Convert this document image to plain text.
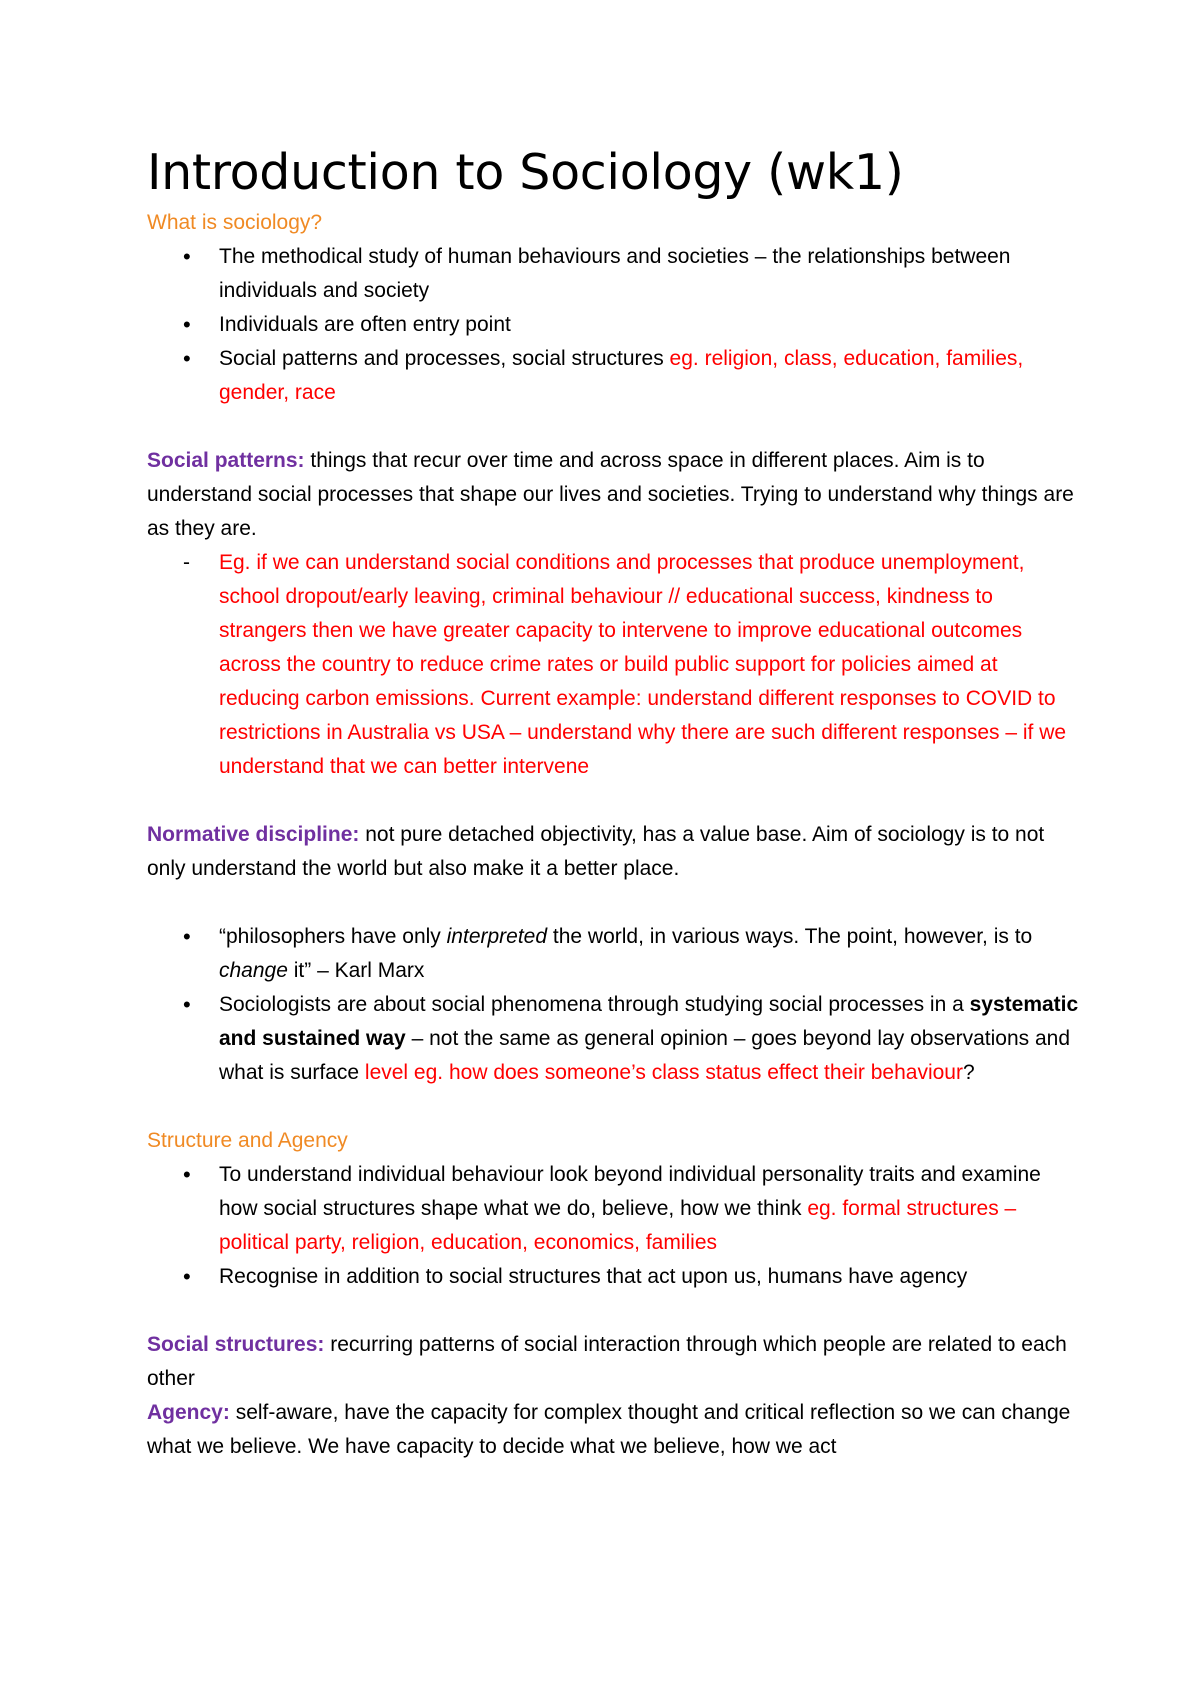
Introduction to Sociology (wk1)

What is sociology?

•
The methodical study of human behaviours and societies – the relationships between individuals and society
•
Individuals are often entry point
•
Social patterns and processes, social structures eg. religion, class, education, families, gender, race

Social patterns: things that recur over time and across space in different places. Aim is to understand social processes that shape our lives and societies. Trying to understand why things are as they are.

-
Eg. if we can understand social conditions and processes that produce unemployment, school dropout/early leaving, criminal behaviour // educational success, kindness to strangers then we have greater capacity to intervene to improve educational outcomes across the country to reduce crime rates or build public support for policies aimed at reducing carbon emissions. Current example: understand different responses to COVID to restrictions in Australia vs USA – understand why there are such different responses – if we understand that we can better intervene

Normative discipline: not pure detached objectivity, has a value base. Aim of sociology is to not only understand the world but also make it a better place.

•
“philosophers have only interpreted the world, in various ways. The point, however, is to change it” – Karl Marx
•
Sociologists are about social phenomena through studying social processes in a systematic and sustained way – not the same as general opinion – goes beyond lay observations and what is surface level eg. how does someone’s class status effect their behaviour?

Structure and Agency

•
To understand individual behaviour look beyond individual personality traits and examine how social structures shape what we do, believe, how we think eg. formal structures – political party, religion, education, economics, families
•
Recognise in addition to social structures that act upon us, humans have agency

Social structures: recurring patterns of social interaction through which people are related to each other

Agency: self-aware, have the capacity for complex thought and critical reflection so we can change what we believe. We have capacity to decide what we believe, how we act
